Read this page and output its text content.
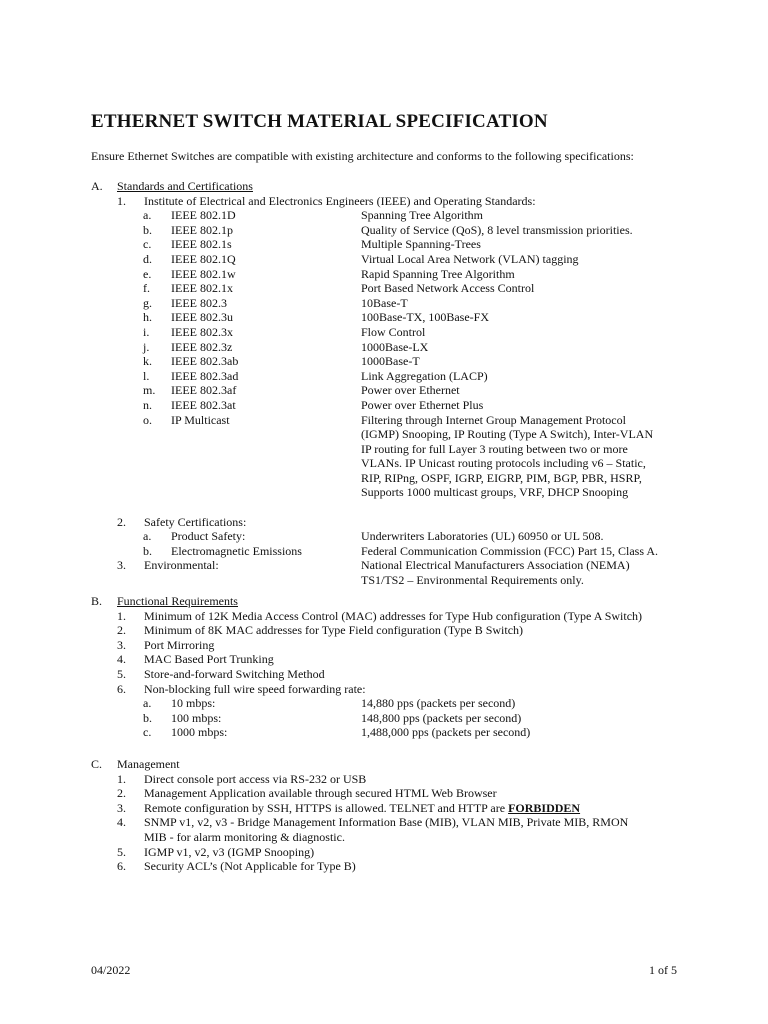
ETHERNET SWITCH MATERIAL SPECIFICATION
Ensure Ethernet Switches are compatible with existing architecture and conforms to the following specifications:
A. Standards and Certifications
1. Institute of Electrical and Electronics Engineers (IEEE) and Operating Standards:
a. IEEE 802.1D	Spanning Tree Algorithm
b. IEEE 802.1p	Quality of Service (QoS), 8 level transmission priorities.
c. IEEE 802.1s	Multiple Spanning-Trees
d. IEEE 802.1Q	Virtual Local Area Network (VLAN) tagging
e. IEEE 802.1w	Rapid Spanning Tree Algorithm
f. IEEE 802.1x	Port Based Network Access Control
g. IEEE 802.3	10Base-T
h. IEEE 802.3u	100Base-TX, 100Base-FX
i. IEEE 802.3x	Flow Control
j. IEEE 802.3z	1000Base-LX
k. IEEE 802.3ab	1000Base-T
l. IEEE 802.3ad	Link Aggregation (LACP)
m. IEEE 802.3af	Power over Ethernet
n. IEEE 802.3at	Power over Ethernet Plus
o. IP Multicast	Filtering through Internet Group Management Protocol
(IGMP) Snooping, IP Routing (Type A Switch), Inter-VLAN
IP routing for full Layer 3 routing between two or more
VLANs. IP Unicast routing protocols including v6 – Static,
RIP, RIPng, OSPF, IGRP, EIGRP, PIM, BGP, PBR, HSRP,
Supports 1000 multicast groups, VRF, DHCP Snooping
2. Safety Certifications:
a. Product Safety:	Underwriters Laboratories (UL) 60950 or UL 508.
b. Electromagnetic Emissions	Federal Communication Commission (FCC) Part 15, Class A.
3. Environmental:	National Electrical Manufacturers Association (NEMA)
TS1/TS2 – Environmental Requirements only.
B. Functional Requirements
1. Minimum of 12K Media Access Control (MAC) addresses for Type Hub configuration (Type A Switch)
2. Minimum of 8K MAC addresses for Type Field configuration (Type B Switch)
3. Port Mirroring
4. MAC Based Port Trunking
5. Store-and-forward Switching Method
6. Non-blocking full wire speed forwarding rate:
a. 10 mbps:	14,880 pps (packets per second)
b. 100 mbps:	148,800 pps (packets per second)
c. 1000 mbps:	1,488,000 pps (packets per second)
C. Management
1. Direct console port access via RS-232 or USB
2. Management Application available through secured HTML Web Browser
3. Remote configuration by SSH, HTTPS is allowed. TELNET and HTTP are FORBIDDEN
4. SNMP v1, v2, v3 - Bridge Management Information Base (MIB), VLAN MIB, Private MIB, RMON
MIB - for alarm monitoring & diagnostic.
5. IGMP v1, v2, v3 (IGMP Snooping)
6. Security ACL’s (Not Applicable for Type B)
04/2022	1 of 5
